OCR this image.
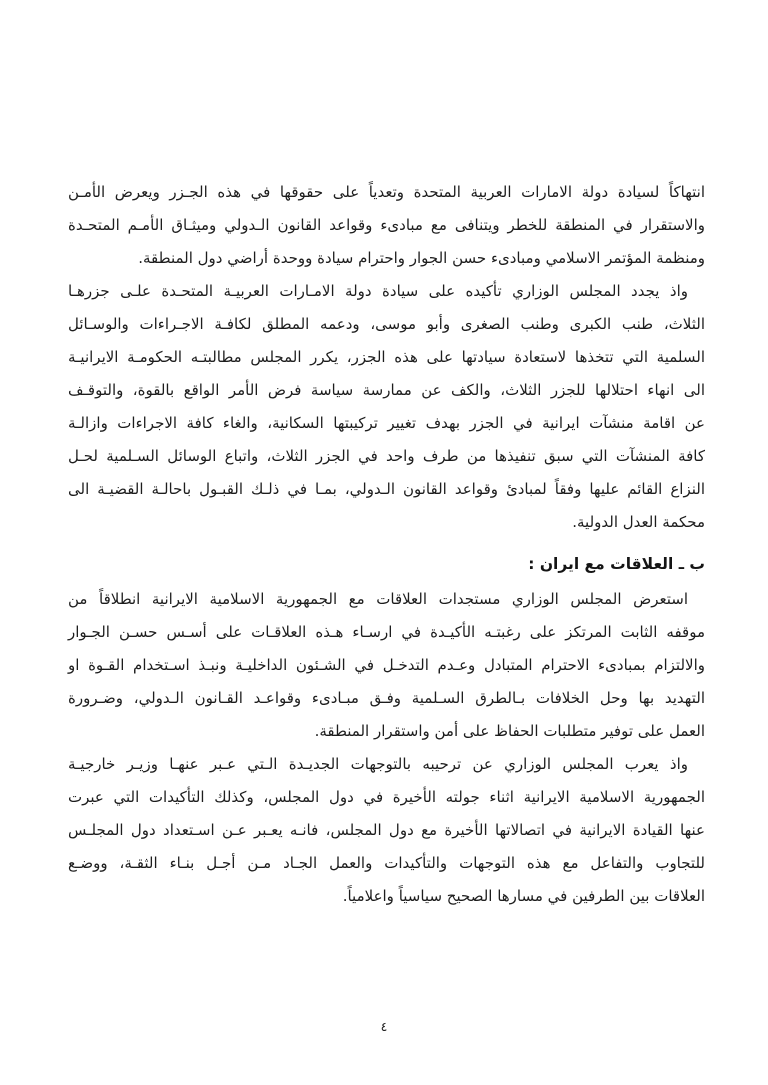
انتهاكاً لسيادة دولة الامارات العربية المتحدة وتعدياً على حقوقها في هذه الجـزر ويعرض الأمـن
والاستقرار في المنطقة للخطر ويتنافى مع مبادىء وقواعد القانون الـدولي وميثـاق الأمـم المتحـدة
ومنظمة المؤتمر الاسلامي ومبادىء حسن الجوار واحترام سيادة ووحدة أراضي دول المنطقة.
واذ يجدد المجلس الوزاري تأكيده على سيادة دولة الامـارات العربيـة المتحـدة علـى جزرهـا
الثلاث، طنب الكبرى وطنب الصغرى وأبو موسى، ودعمه المطلق لكافـة الاجـراءات والوسـائل
السلمية التي تتخذها لاستعادة سيادتها على هذه الجزر، يكرر المجلس مطالبتـه الحكومـة الايرانيـة
الى انهاء احتلالها للجزر الثلاث، والكف عن ممارسة سياسة فرض الأمر الواقع بالقوة، والتوقـف
عن اقامة منشآت ايرانية في الجزر بهدف تغيير تركيبتها السكانية، والغاء كافة الاجراءات وازالـة
كافة المنشآت التي سبق تنفيذها من طرف واحد في الجزر الثلاث، واتباع الوسائل السـلمية لحـل
النزاع القائم عليها وفقاً لمبادئ وقواعد القانون الـدولي، بمـا في ذلـك القبـول باحالـة القضيـة الى
محكمة العدل الدولية.
ب ـ العلاقات مع ايران :
استعرض المجلس الوزاري مستجدات العلاقات مع الجمهورية الاسلامية الايرانية انطلاقاً من
موقفه الثابت المرتكز على رغبتـه الأكيـدة في ارسـاء هـذه العلاقـات على أسـس حسـن الجـوار
والالتزام بمبادىء الاحترام المتبادل وعـدم التدخـل في الشـئون الداخليـة ونبـذ اسـتخدام القـوة او
التهديد بها وحل الخلافات بـالطرق السـلمية وفـق مبـادىء وقواعـد القـانون الـدولي، وضـرورة
العمل على توفير متطلبات الحفاظ على أمن واستقرار المنطقة.
واذ يعرب المجلس الوزاري عن ترحيبه بالتوجهات الجديـدة الـتي عـبر عنهـا وزيـر خارجيـة
الجمهورية الاسلامية الايرانية اثناء جولته الأخيرة في دول المجلس، وكذلك التأكيدات التي عبرت
عنها القيادة الايرانية في اتصالاتها الأخيرة مع دول المجلس، فانـه يعـبر عـن اسـتعداد دول المجلـس
للتجاوب والتفاعل مع هذه التوجهات والتأكيدات والعمل الجـاد مـن أجـل بنـاء الثقـة، ووضـع
العلاقات بين الطرفين في مسارها الصحيح سياسياً واعلامياً.
٤
